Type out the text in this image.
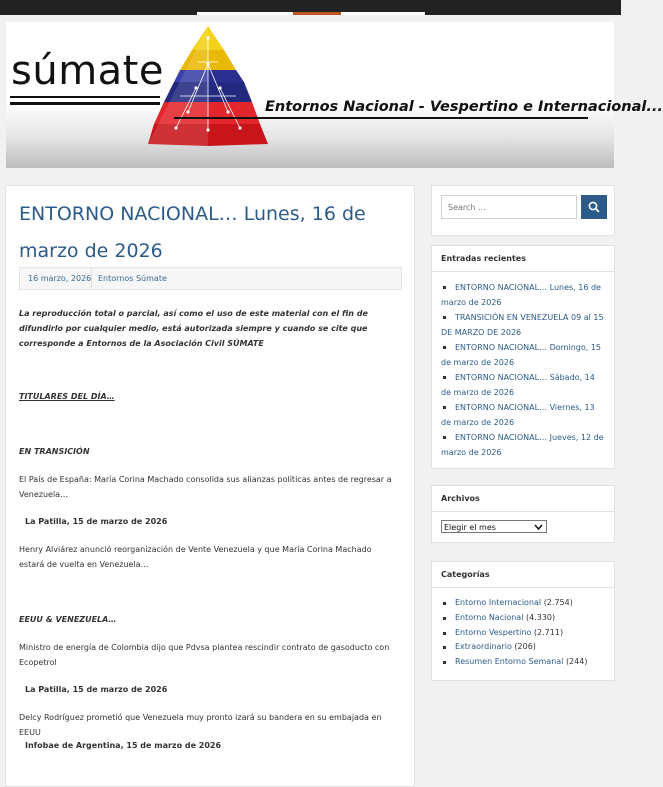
súmate
Entornos Nacional - Vespertino e Internacional...
ENTORNO NACIONAL… Lunes, 16 de marzo de 2026
16 marzo, 2026 Entornos Súmate

La reproducción total o parcial, así como el uso de este material con el fin de difundirlo por cualquier medio, está autorizada siempre y cuando se cite que corresponde a Entornos de la Asociación Civil SÚMATE

TITULARES DEL DÍA…

EN TRANSICIÓN

El País de España: María Corina Machado consolida sus alianzas políticas antes de regresar a Venezuela…

La Patilla, 15 de marzo de 2026

Henry Alviárez anunció reorganización de Vente Venezuela y que María Corina Machado estará de vuelta en Venezuela…

EEUU & VENEZUELA…

Ministro de energía de Colombia dijo que Pdvsa plantea rescindir contrato de gasoducto con Ecopetrol

La Patilla, 15 de marzo de 2026

Delcy Rodríguez prometió que Venezuela muy pronto izará su bandera en su embajada en EEUU

Infobae de Argentina, 15 de marzo de 2026

Search …
Entradas recientes
ENTORNO NACIONAL… Lunes, 16 de marzo de 2026
TRANSICIÓN EN VENEZUELA 09 al 15 DE MARZO DE 2026
ENTORNO NACIONAL… Domingo, 15 de marzo de 2026
ENTORNO NACIONAL… Sábado, 14 de marzo de 2026
ENTORNO NACIONAL… Viernes, 13 de marzo de 2026
ENTORNO NACIONAL… Jueves, 12 de marzo de 2026
Archivos
Elegir el mes
Categorías
Entorno Internacional (2.754)
Entorno Nacional (4.330)
Entorno Vespertino (2.711)
Extraordinario (206)
Resumen Entorno Semanal (244)
